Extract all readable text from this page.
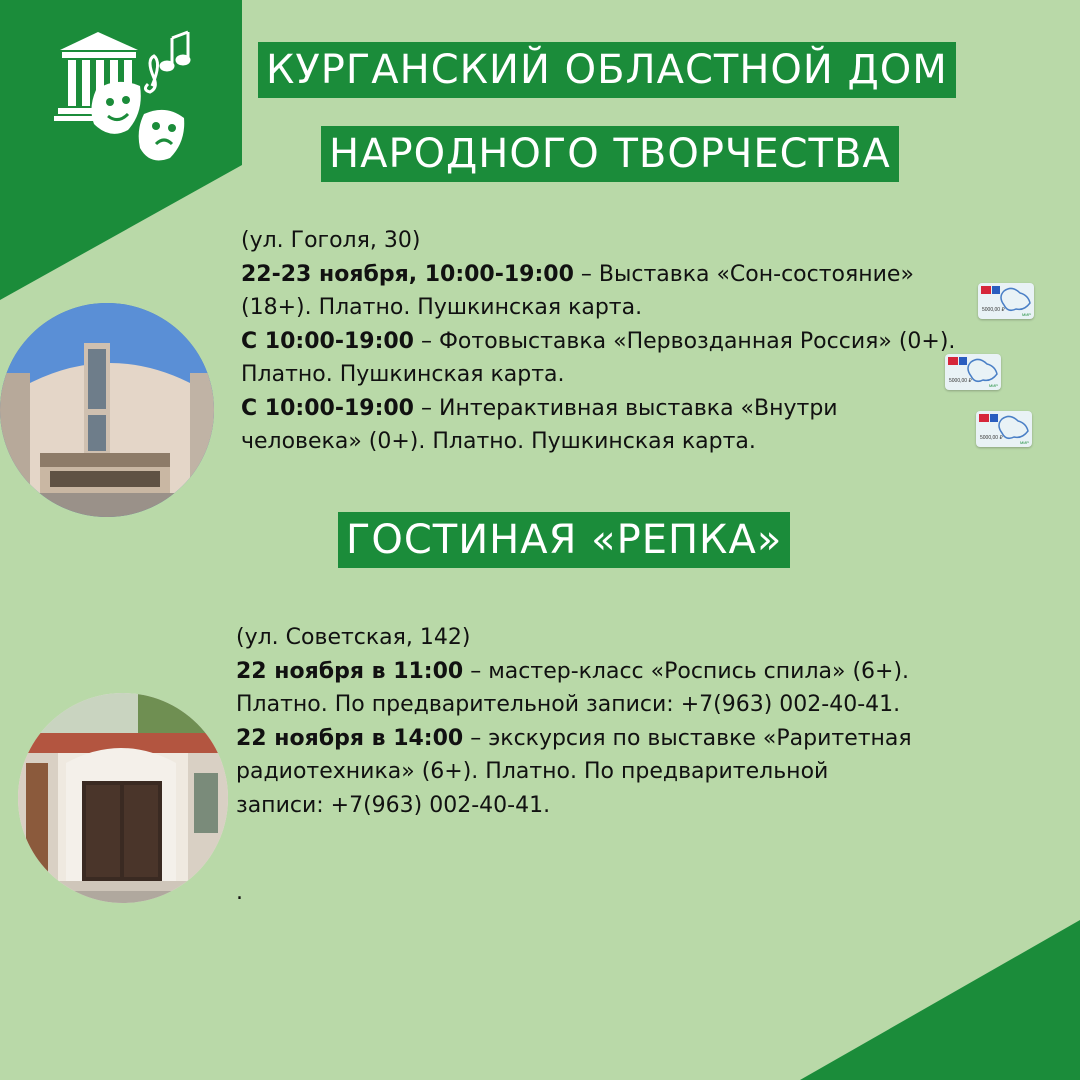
КУРГАНСКИЙ ОБЛАСТНОЙ ДОМ
НАРОДНОГО ТВОРЧЕСТВА
(ул. Гоголя, 30)
22-23 ноября, 10:00-19:00 – Выставка «Сон-состояние»
(18+). Платно. Пушкинская карта.
С 10:00-19:00 – Фотовыставка «Первозданная Россия» (0+).
Платно. Пушкинская карта.
С 10:00-19:00 – Интерактивная выставка «Внутри
человека» (0+). Платно. Пушкинская карта.
5000,00 ₽
МИР
5000,00 ₽
МИР
5000,00 ₽
МИР
ГОСТИНАЯ «РЕПКА»
(ул. Советская, 142)
22 ноября в 11:00 – мастер-класс «Роспись спила» (6+).
Платно. По предварительной записи: +7(963) 002-40-41.
22 ноября в 14:00 – экскурсия по выставке «Раритетная
радиотехника» (6+). Платно. По предварительной
записи: +7(963) 002-40-41.
.
